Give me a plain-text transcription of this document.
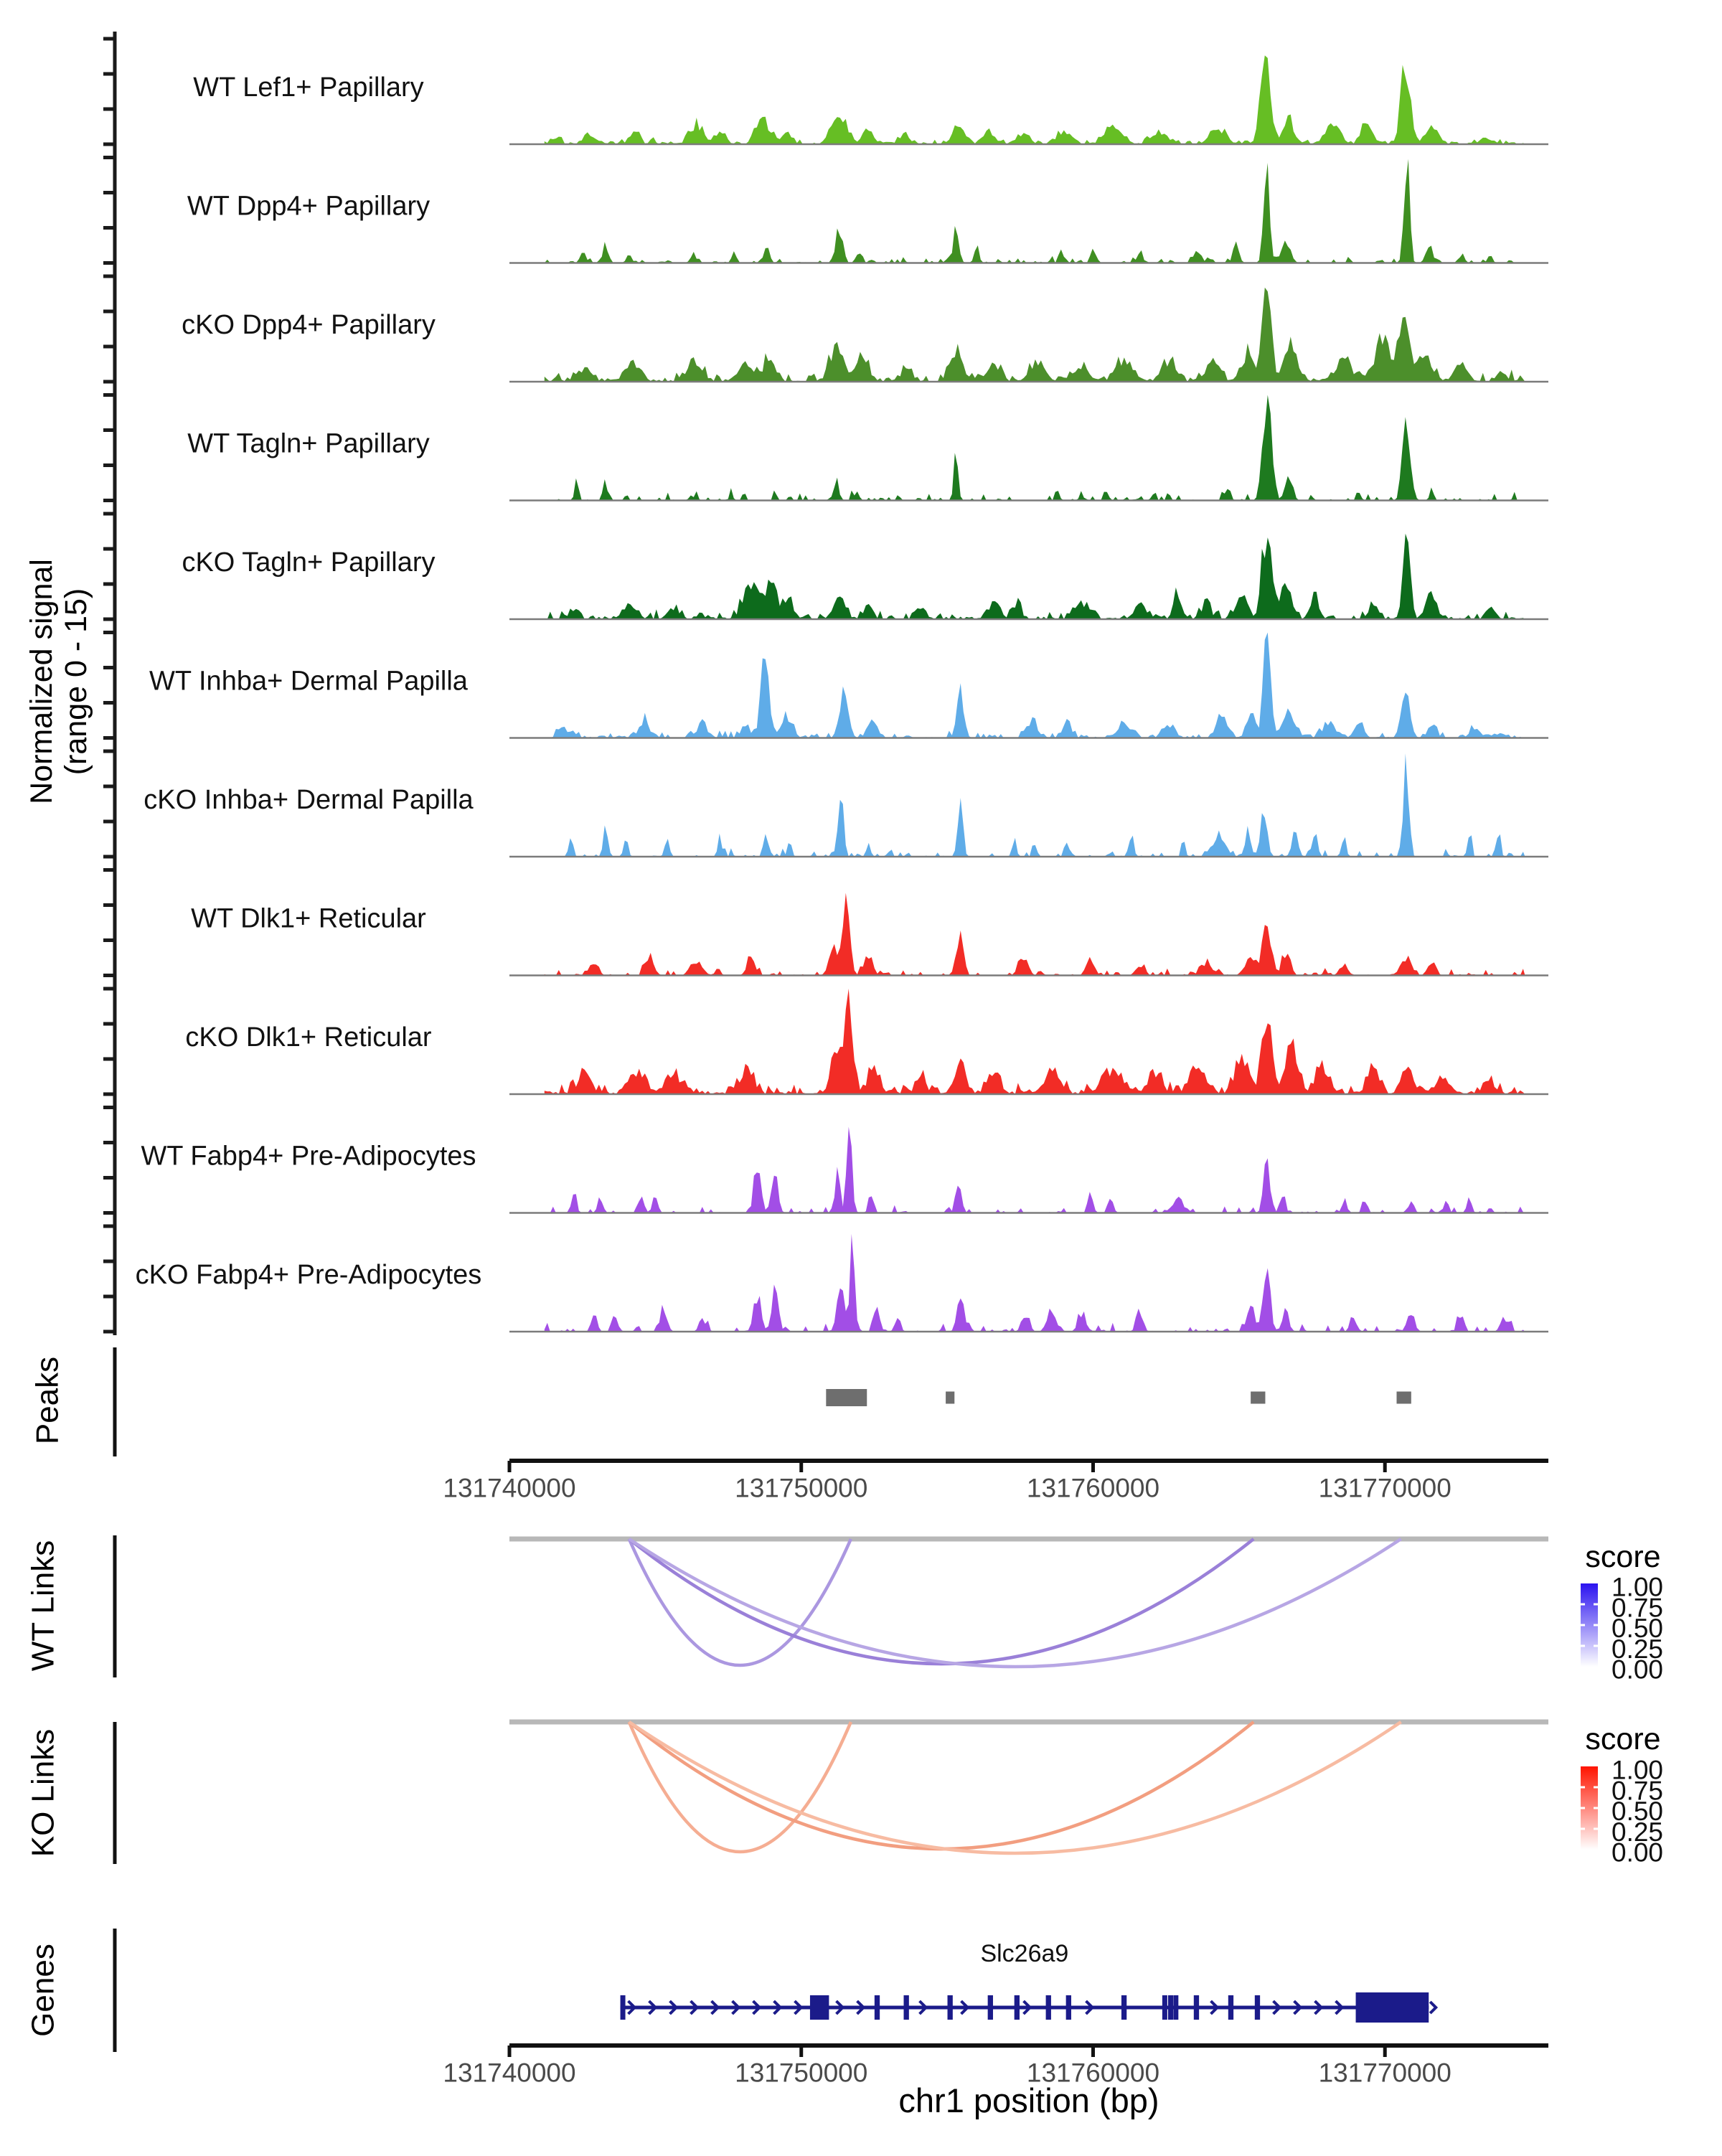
WT Lef1+ Papillary
WT Dpp4+ Papillary
cKO Dpp4+ Papillary
WT Tagln+ Papillary
cKO Tagln+ Papillary
WT Inhba+ Dermal Papilla
cKO Inhba+ Dermal Papilla
WT Dlk1+ Reticular
cKO Dlk1+ Reticular
WT Fabp4+ Pre-Adipocytes
cKO Fabp4+ Pre-Adipocytes
131740000	131750000	131760000	131770000
1.00
0.75
0.50
0.25
0.00
1.00
0.75
0.50
0.25
0.00
Slc26a9
131740000	131750000	131760000	131770000
Normalized signal (range 0 - 15)
Peaks
WT Links
KO Links
Genes
chr1 position (bp)
score
score
